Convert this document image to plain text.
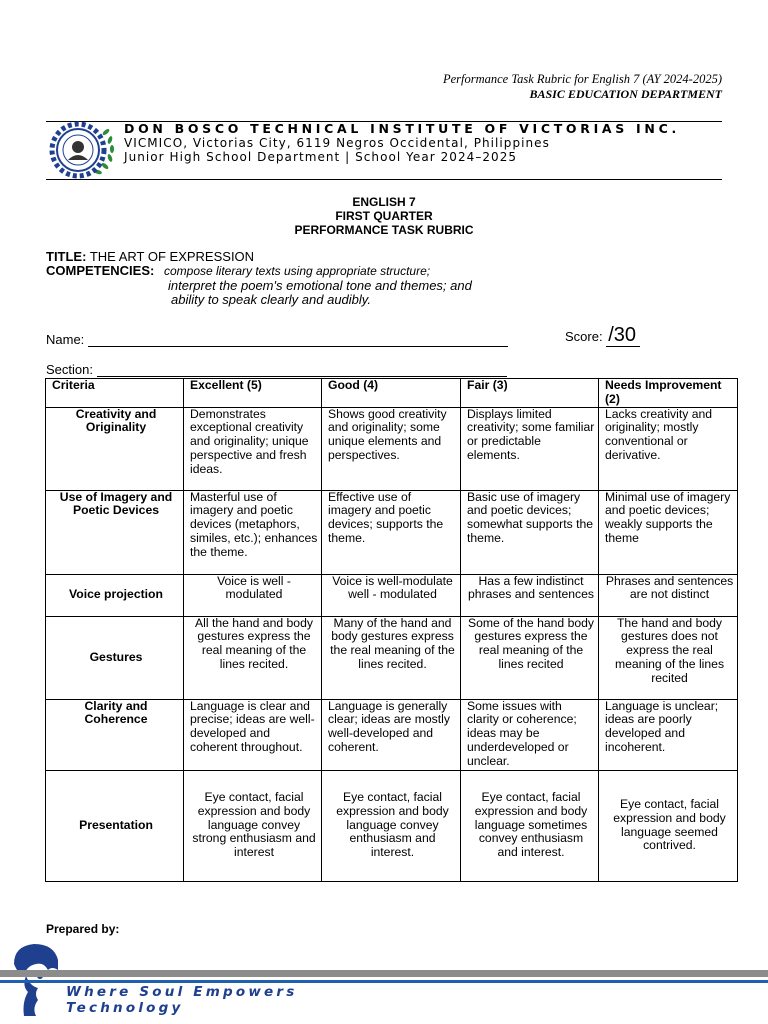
Performance Task Rubric for English 7 (AY 2024-2025)
BASIC EDUCATION DEPARTMENT
DON BOSCO TECHNICAL INSTITUTE OF VICTORIAS INC.
VICMICO, Victorias City, 6119 Negros Occidental, Philippines
Junior High School Department | School Year 2024–2025
ENGLISH 7
FIRST QUARTER
PERFORMANCE TASK RUBRIC
TITLE: THE ART OF EXPRESSION
COMPETENCIES: compose literary texts using appropriate structure;
interpret the poem's emotional tone and themes; and
ability to speak clearly and audibly.
Name:	Score: /30
Section:
Criteria	Excellent (5)	Good (4)	Fair (3)	Needs Improvement (2)
Creativity and Originality	Demonstrates exceptional creativity and originality; unique perspective and fresh ideas.	Shows good creativity and originality; some unique elements and perspectives.	Displays limited creativity; some familiar or predictable elements.	Lacks creativity and originality; mostly conventional or derivative.
Use of Imagery and Poetic Devices	Masterful use of imagery and poetic devices (metaphors, similes, etc.); enhances the theme.	Effective use of imagery and poetic devices; supports the theme.	Basic use of imagery and poetic devices; somewhat supports the theme.	Minimal use of imagery and poetic devices; weakly supports the theme
Voice projection	Voice is well - modulated	Voice is well-modulate well - modulated	Has a few indistinct phrases and sentences	Phrases and sentences are not distinct
Gestures	All the hand and body gestures express the real meaning of the lines recited.	Many of the hand and body gestures express the real meaning of the lines recited.	Some of the hand body gestures express the real meaning of the lines recited	The hand and body gestures does not express the real meaning of the lines recited
Clarity and Coherence	Language is clear and precise; ideas are well-developed and coherent throughout.	Language is generally clear; ideas are mostly well-developed and coherent.	Some issues with clarity or coherence; ideas may be underdeveloped or unclear.	Language is unclear; ideas are poorly developed and incoherent.
Presentation	Eye contact, facial expression and body language convey strong enthusiasm and interest	Eye contact, facial expression and body language convey enthusiasm and interest.	Eye contact, facial expression and body language sometimes convey enthusiasm and interest.	Eye contact, facial expression and body language seemed contrived.
Prepared by:
Where Soul Empowers
Technology
